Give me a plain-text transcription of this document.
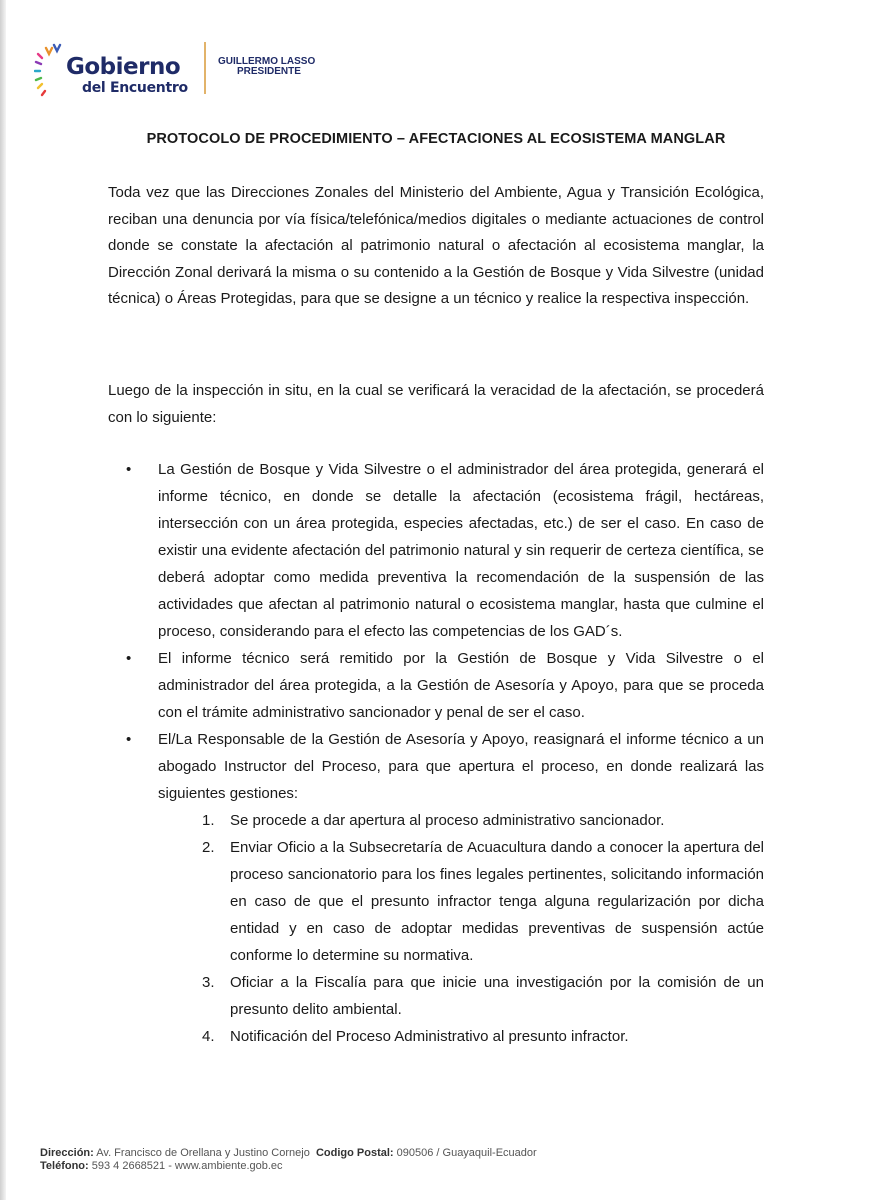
Gobierno
del Encuentro
GUILLERMO LASSO
PRESIDENTE
PROTOCOLO DE PROCEDIMIENTO – AFECTACIONES AL ECOSISTEMA MANGLAR
Toda vez que las Direcciones Zonales del Ministerio del Ambiente, Agua y Transición Ecológica, reciban una denuncia por vía física/telefónica/medios digitales o mediante actuaciones de control donde se constate la afectación al patrimonio natural o afectación al ecosistema manglar, la Dirección Zonal derivará la misma o su contenido a la Gestión de Bosque y Vida Silvestre (unidad técnica) o Áreas Protegidas, para que se designe a un técnico y realice la respectiva inspección.
Luego de la inspección in situ, en la cual se verificará la veracidad de la afectación, se procederá con lo siguiente:
• La Gestión de Bosque y Vida Silvestre o el administrador del área protegida, generará el informe técnico, en donde se detalle la afectación (ecosistema frágil, hectáreas, intersección con un área protegida, especies afectadas, etc.) de ser el caso. En caso de existir una evidente afectación del patrimonio natural y sin requerir de certeza científica, se deberá adoptar como medida preventiva la recomendación de la suspensión de las actividades que afectan al patrimonio natural o ecosistema manglar, hasta que culmine el proceso, considerando para el efecto las competencias de los GAD´s.
• El informe técnico será remitido por la Gestión de Bosque y Vida Silvestre o el administrador del área protegida, a la Gestión de Asesoría y Apoyo, para que se proceda con el trámite administrativo sancionador y penal de ser el caso.
• El/La Responsable de la Gestión de Asesoría y Apoyo, reasignará el informe técnico a un abogado Instructor del Proceso, para que apertura el proceso, en donde realizará las siguientes gestiones:
1. Se procede a dar apertura al proceso administrativo sancionador.
2. Enviar Oficio a la Subsecretaría de Acuacultura dando a conocer la apertura del proceso sancionatorio para los fines legales pertinentes, solicitando información en caso de que el presunto infractor tenga alguna regularización por dicha entidad y en caso de adoptar medidas preventivas de suspensión actúe conforme lo determine su normativa.
3. Oficiar a la Fiscalía para que inicie una investigación por la comisión de un presunto delito ambiental.
4. Notificación del Proceso Administrativo al presunto infractor.
Dirección: Av. Francisco de Orellana y Justino Cornejo Codigo Postal: 090506 / Guayaquil-Ecuador
Teléfono: 593 4 2668521 - www.ambiente.gob.ec
